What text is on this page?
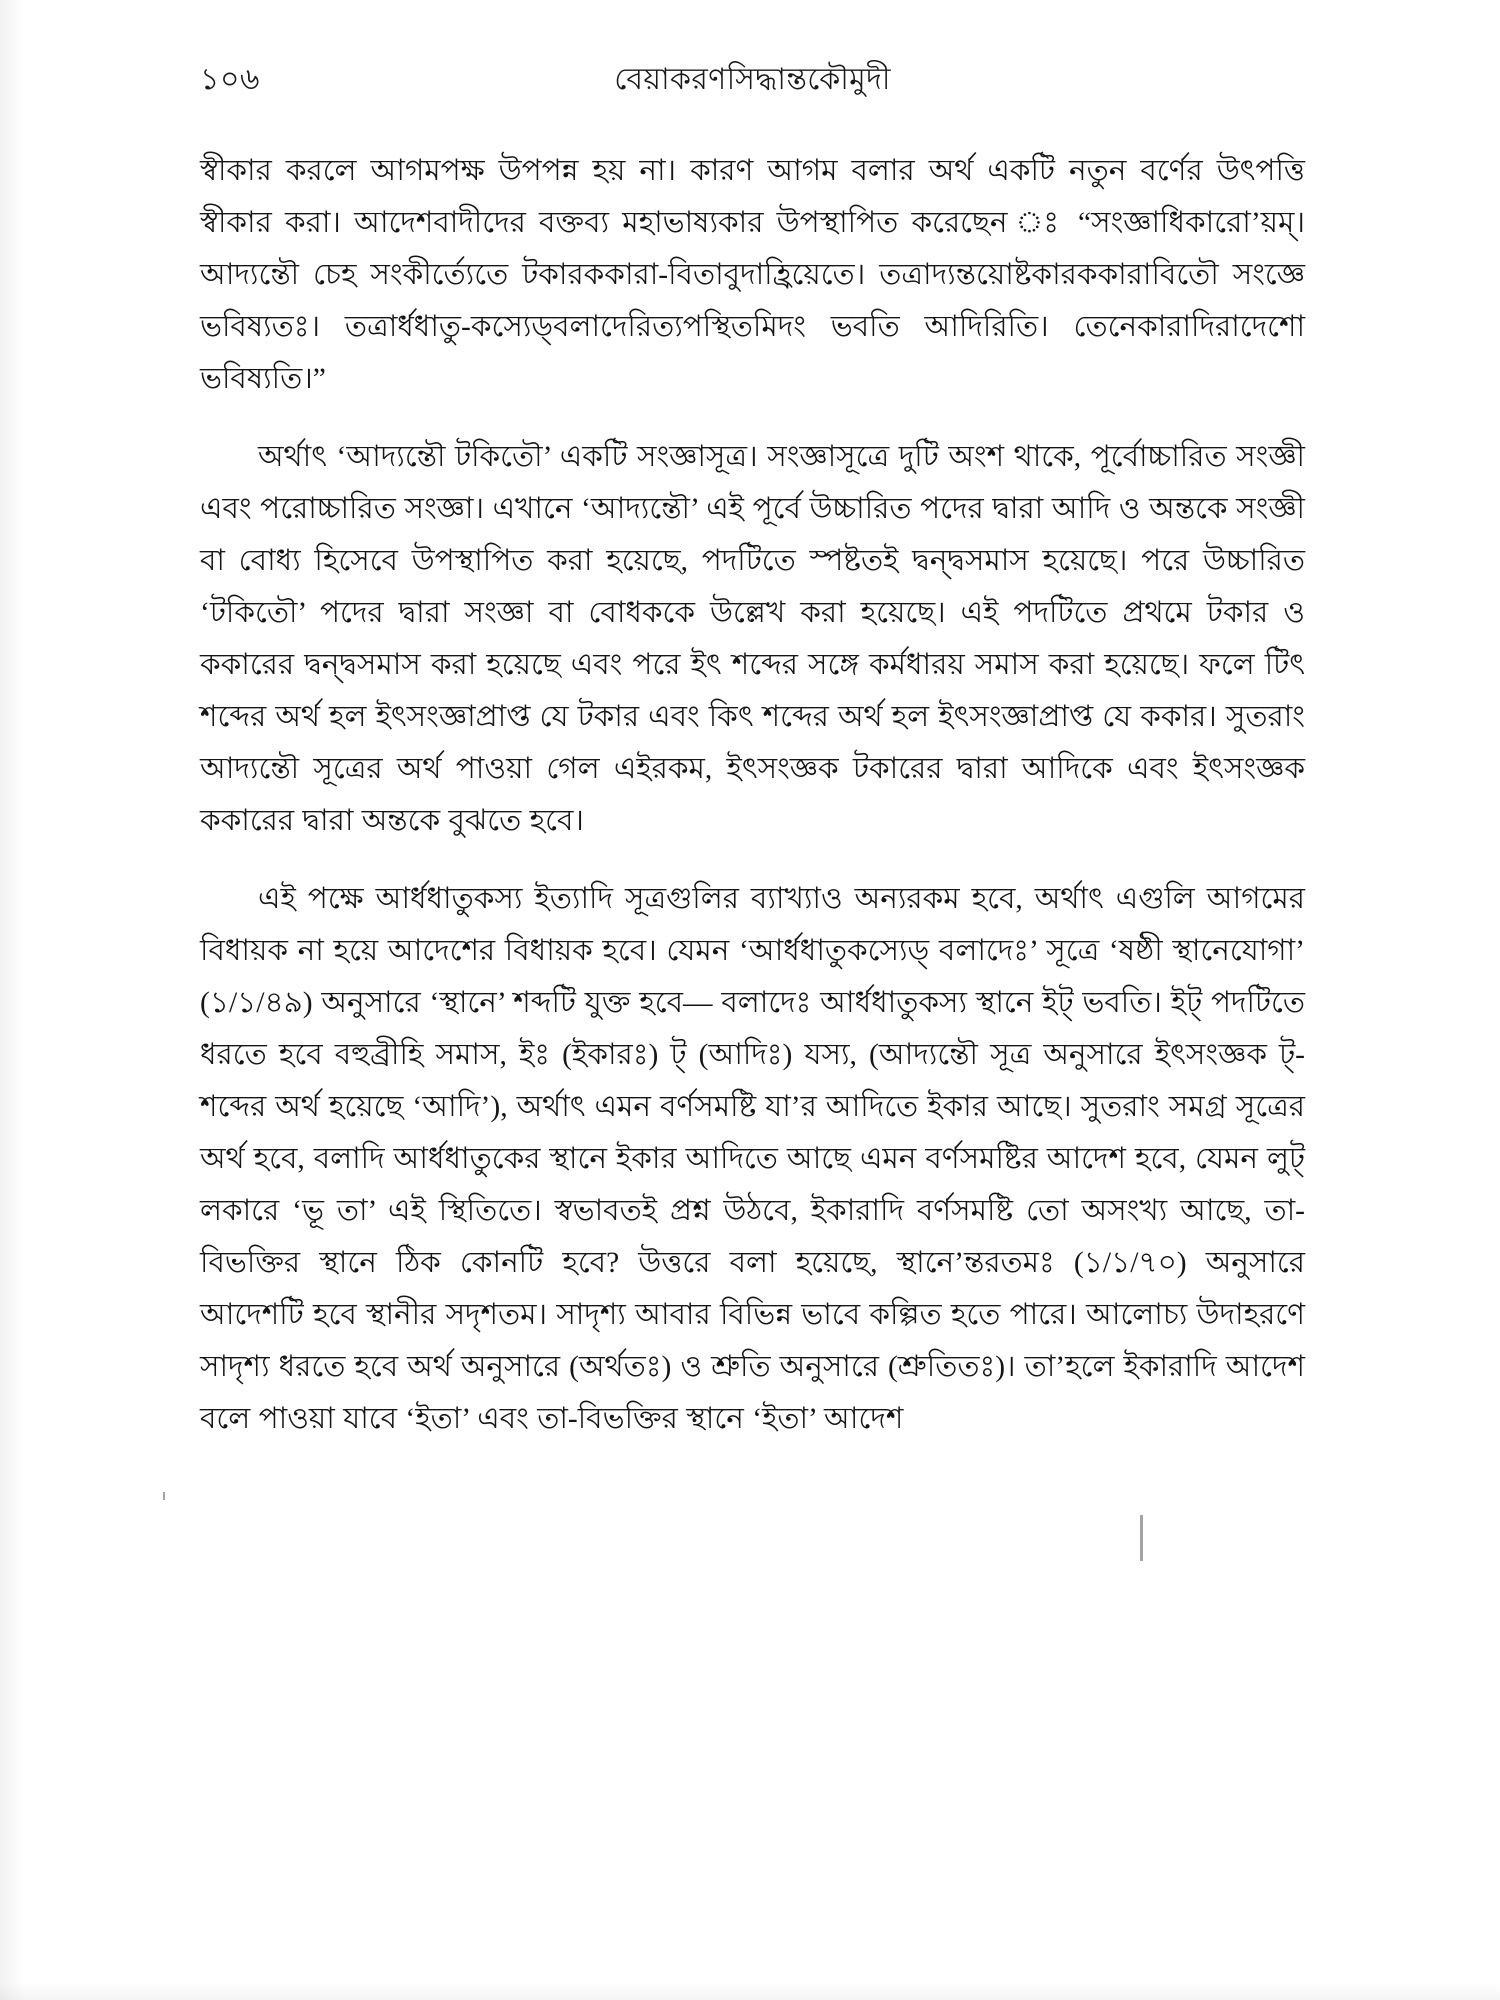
১০৬	বেয়াকরণসিদ্ধান্তকৌমুদী

স্বীকার করলে আগমপক্ষ উপপন্ন হয় না। কারণ আগম বলার অর্থ একটি নতুন বর্ণের উৎপত্তি স্বীকার করা। আদেশবাদীদের বক্তব্য মহাভাষ্যকার উপস্থাপিত করেছেন ঃ “সংজ্ঞাধিকারো’য়ম্‌। আদ্যন্তৌ চেহ সংকীর্ত্যেতে টকারককারা-বিতাবুদাহ্রিয়েতে। তত্রাদ্যন্তয়োষ্টকারককারাবিতৌ সংজ্ঞে ভবিষ্যতঃ। তত্রার্ধধাতু-কস্যেড্‌বলাদেরিত্যপস্থিতমিদং ভবতি আদিরিতি। তেনেকারাদিরাদেশো ভবিষ্যতি।”

অর্থাৎ ‘আদ্যন্তৌ টকিতৌ’ একটি সংজ্ঞাসূত্র। সংজ্ঞাসূত্রে দুটি অংশ থাকে, পূর্বোচ্চারিত সংজ্ঞী এবং পরোচ্চারিত সংজ্ঞা। এখানে ‘আদ্যন্তৌ’ এই পূর্বে উচ্চারিত পদের দ্বারা আদি ও অন্তকে সংজ্ঞী বা বোধ্য হিসেবে উপস্থাপিত করা হয়েছে, পদটিতে স্পষ্টতই দ্বন্দ্বসমাস হয়েছে। পরে উচ্চারিত ‘টকিতৌ’ পদের দ্বারা সংজ্ঞা বা বোধককে উল্লেখ করা হয়েছে। এই পদটিতে প্রথমে টকার ও ককারের দ্বন্দ্বসমাস করা হয়েছে এবং পরে ইৎ শব্দের সঙ্গে কর্মধারয় সমাস করা হয়েছে। ফলে টিৎ শব্দের অর্থ হল ইৎসংজ্ঞাপ্রাপ্ত যে টকার এবং কিৎ শব্দের অর্থ হল ইৎসংজ্ঞাপ্রাপ্ত যে ককার। সুতরাং আদ্যন্তৌ সূত্রের অর্থ পাওয়া গেল এইরকম, ইৎসংজ্ঞক টকারের দ্বারা আদিকে এবং ইৎসংজ্ঞক ককারের দ্বারা অন্তকে বুঝতে হবে।

এই পক্ষে আর্ধধাতুকস্য ইত্যাদি সূত্রগুলির ব্যাখ্যাও অন্যরকম হবে, অর্থাৎ এগুলি আগমের বিধায়ক না হয়ে আদেশের বিধায়ক হবে। যেমন ‘আর্ধধাতুকস্যেড্‌ বলাদেঃ’ সূত্রে ‘ষষ্ঠী স্থানেযোগা’ (১/১/৪৯) অনুসারে ‘স্থানে’ শব্দটি যুক্ত হবে— বলাদেঃ আর্ধধাতুকস্য স্থানে ইট্‌ ভবতি। ইট্‌ পদটিতে ধরতে হবে বহুব্রীহি সমাস, ইঃ (ইকারঃ) ট্‌ (আদিঃ) যস্য, (আদ্যন্তৌ সূত্র অনুসারে ইৎসংজ্ঞক ট্‌-শব্দের অর্থ হয়েছে ‘আদি’), অর্থাৎ এমন বর্ণসমষ্টি যা’র আদিতে ইকার আছে। সুতরাং সমগ্র সূত্রের অর্থ হবে, বলাদি আর্ধধাতুকের স্থানে ইকার আদিতে আছে এমন বর্ণসমষ্টির আদেশ হবে, যেমন লুট্‌ লকারে ‘ভূ তা’ এই স্থিতিতে। স্বভাবতই প্রশ্ন উঠবে, ইকারাদি বর্ণসমষ্টি তো অসংখ্য আছে, তা-বিভক্তির স্থানে ঠিক কোনটি হবে? উত্তরে বলা হয়েছে, স্থানে’ন্তরতমঃ (১/১/৭০) অনুসারে আদেশটি হবে স্থানীর সদৃশতম। সাদৃশ্য আবার বিভিন্ন ভাবে কল্পিত হতে পারে। আলোচ্য উদাহরণে সাদৃশ্য ধরতে হবে অর্থ অনুসারে (অর্থতঃ) ও শ্রুতি অনুসারে (শ্রুতিতঃ)। তা’হলে ইকারাদি আদেশ বলে পাওয়া যাবে ‘ইতা’ এবং তা-বিভক্তির স্থানে ‘ইতা’ আদেশ
